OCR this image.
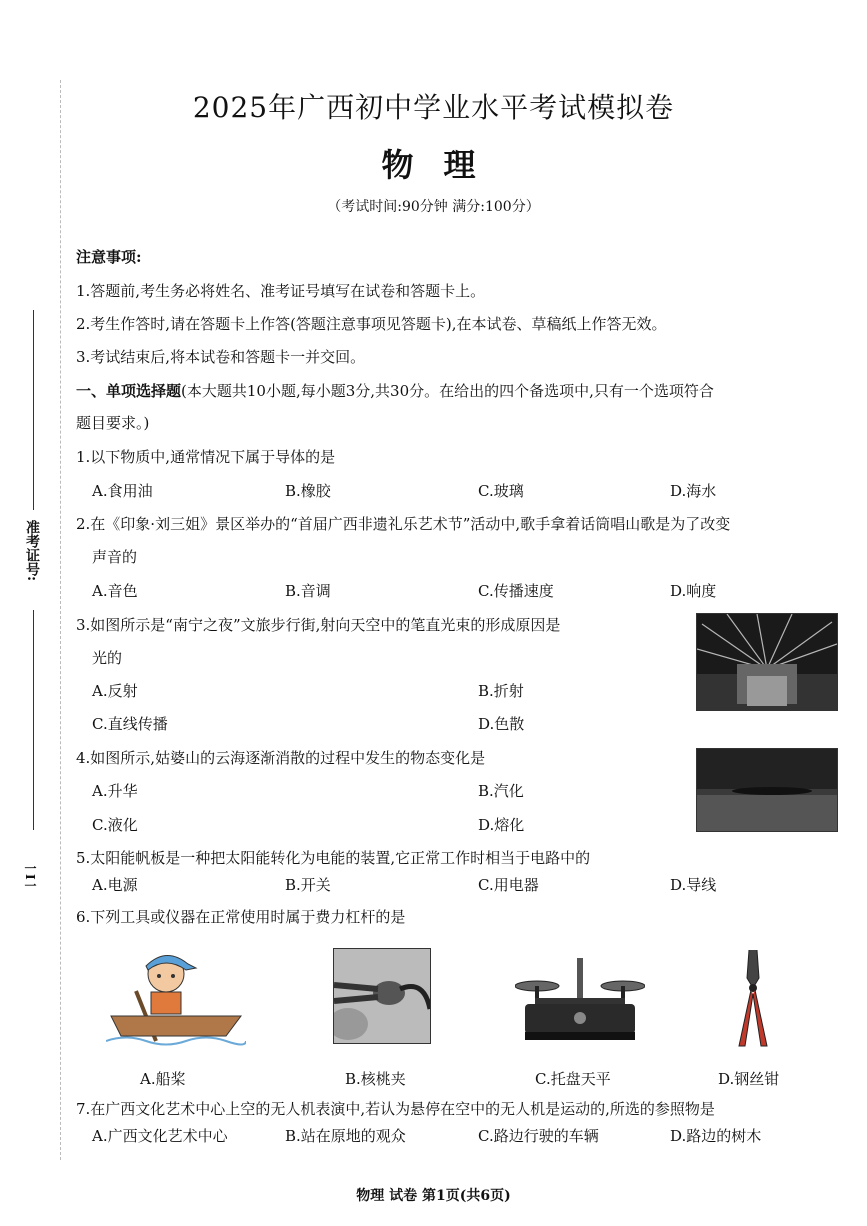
准考证号:
一I一
2025年广西初中学业水平考试模拟卷
物理
（考试时间:90分钟 满分:100分）
注意事项:
1.答题前,考生务必将姓名、准考证号填写在试卷和答题卡上。
2.考生作答时,请在答题卡上作答(答题注意事项见答题卡),在本试卷、草稿纸上作答无效。
3.考试结束后,将本试卷和答题卡一并交回。
一、单项选择题(本大题共10小题,每小题3分,共30分。在给出的四个备选项中,只有一个选项符合
题目要求。)
1.以下物质中,通常情况下属于导体的是
A.食用油	B.橡胶	C.玻璃	D.海水
2.在《印象·刘三姐》景区举办的“首届广西非遗礼乐艺术节”活动中,歌手拿着话筒唱山歌是为了改变
声音的
A.音色	B.音调	C.传播速度	D.响度
3.如图所示是“南宁之夜”文旅步行街,射向天空中的笔直光束的形成原因是
光的
A.反射	B.折射
C.直线传播	D.色散
4.如图所示,姑婆山的云海逐渐消散的过程中发生的物态变化是
A.升华	B.汽化
C.液化	D.熔化
5.太阳能帆板是一种把太阳能转化为电能的装置,它正常工作时相当于电路中的
A.电源	B.开关	C.用电器	D.导线
6.下列工具或仪器在正常使用时属于费力杠杆的是
A.船桨	B.核桃夹	C.托盘天平	D.钢丝钳
7.在广西文化艺术中心上空的无人机表演中,若认为悬停在空中的无人机是运动的,所选的参照物是
A.广西文化艺术中心	B.站在原地的观众	C.路边行驶的车辆	D.路边的树木
物理 试卷 第1页(共6页)
